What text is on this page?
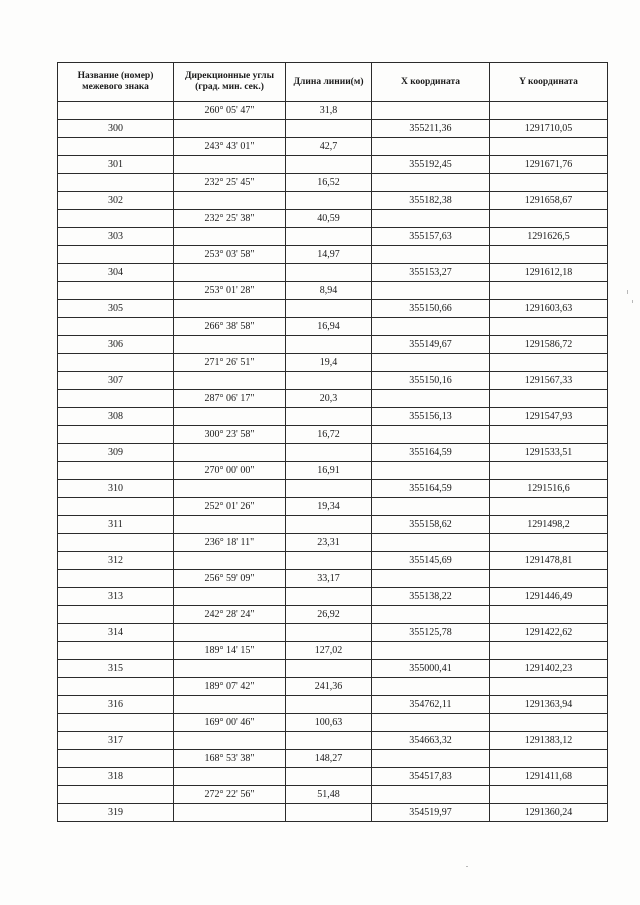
Название (номер) межевого знака	Дирекционные углы (град. мин. сек.)	Длина линии(м)	X координата	Y координата
	260° 05' 47"	31,8		
300			355211,36	1291710,05
	243° 43' 01"	42,7		
301			355192,45	1291671,76
	232° 25' 45"	16,52		
302			355182,38	1291658,67
	232° 25' 38"	40,59		
303			355157,63	1291626,5
	253° 03' 58"	14,97		
304			355153,27	1291612,18
	253° 01' 28"	8,94		
305			355150,66	1291603,63
	266° 38' 58"	16,94		
306			355149,67	1291586,72
	271° 26' 51"	19,4		
307			355150,16	1291567,33
	287° 06' 17"	20,3		
308			355156,13	1291547,93
	300° 23' 58"	16,72		
309			355164,59	1291533,51
	270° 00' 00"	16,91		
310			355164,59	1291516,6
	252° 01' 26"	19,34		
311			355158,62	1291498,2
	236° 18' 11"	23,31		
312			355145,69	1291478,81
	256° 59' 09"	33,17		
313			355138,22	1291446,49
	242° 28' 24"	26,92		
314			355125,78	1291422,62
	189° 14' 15"	127,02		
315			355000,41	1291402,23
	189° 07' 42"	241,36		
316			354762,11	1291363,94
	169° 00' 46"	100,63		
317			354663,32	1291383,12
	168° 53' 38"	148,27		
318			354517,83	1291411,68
	272° 22' 56"	51,48		
319			354519,97	1291360,24
